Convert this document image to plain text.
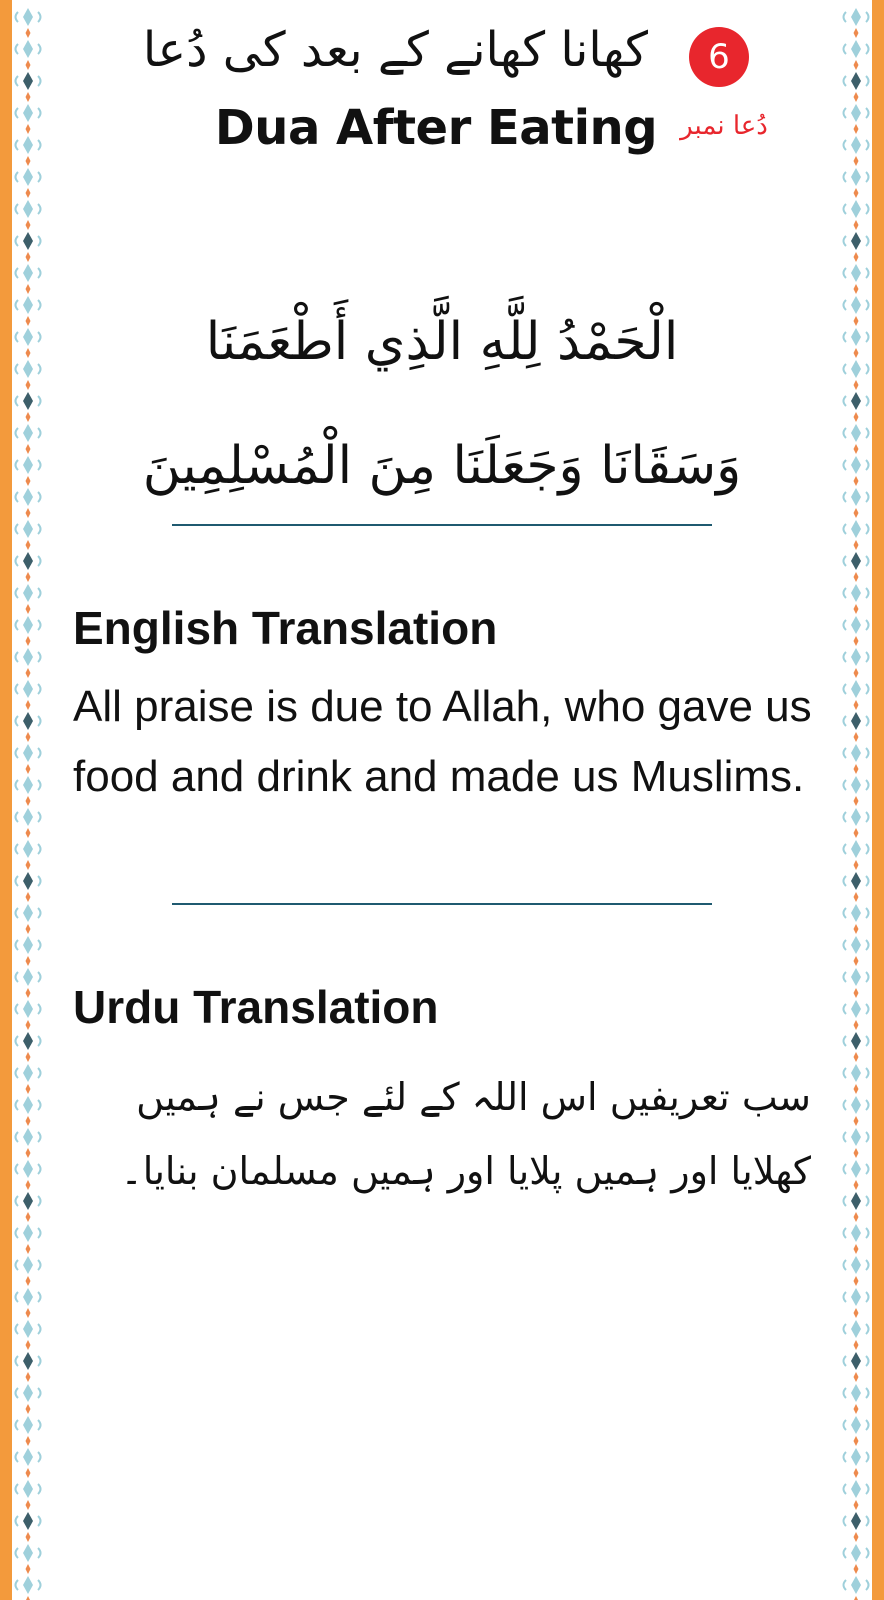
کھانا کھانے کے بعد کی دُعا
Dua After Eating
6
دُعا نمبر
الْحَمْدُ لِلَّهِ الَّذِي أَطْعَمَنَا
وَسَقَانَا وَجَعَلَنَا مِنَ الْمُسْلِمِينَ
English Translation
All praise is due to Allah, who gave us food and drink and made us Muslims.
Urdu Translation
سب تعریفیں اس اللہ کے لئے جس نے ہمیں کھلایا اور ہمیں پلایا اور ہمیں مسلمان بنایا۔
